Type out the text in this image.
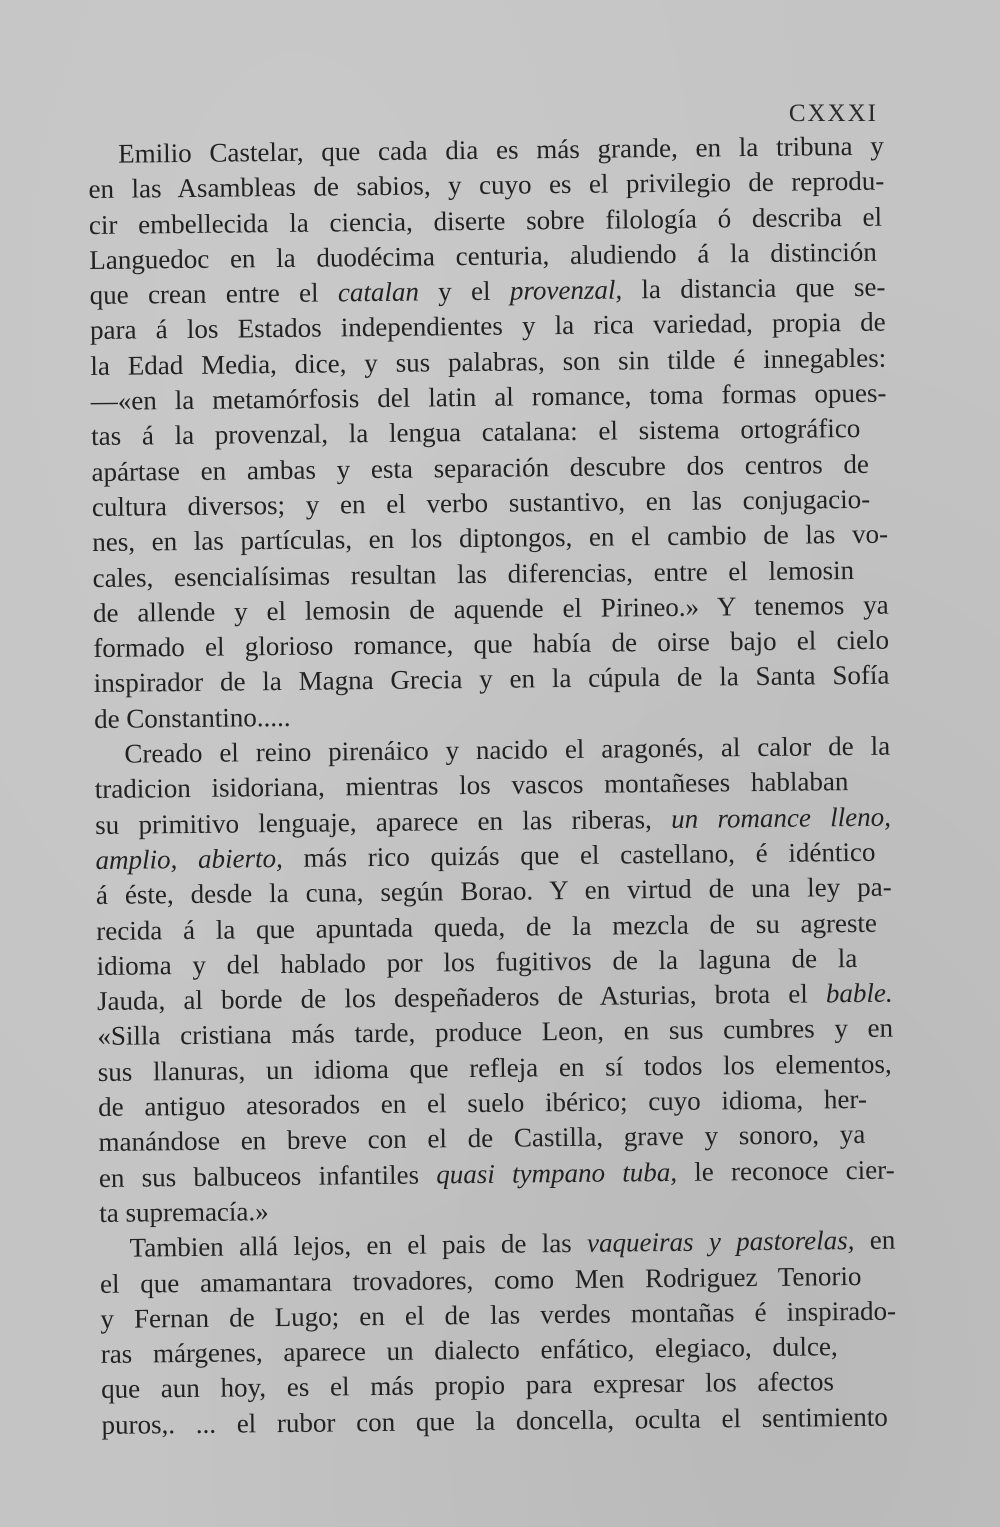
CXXXI
Emilio Castelar, que cada dia es más grande, en la tribuna y
en las Asambleas de sabios, y cuyo es el privilegio de reprodu-
cir embellecida la ciencia, diserte sobre filología ó describa el
Languedoc en la duodécima centuria, aludiendo á la distinción
que crean entre el catalan y el provenzal, la distancia que se-
para á los Estados independientes y la rica variedad, propia de
la Edad Media, dice, y sus palabras, son sin tilde é innegables:
—«en la metamórfosis del latin al romance, toma formas opues-
tas á la provenzal, la lengua catalana: el sistema ortográfico
apártase en ambas y esta separación descubre dos centros de
cultura diversos; y en el verbo sustantivo, en las conjugacio-
nes, en las partículas, en los diptongos, en el cambio de las vo-
cales, esencialísimas resultan las diferencias, entre el lemosin
de allende y el lemosin de aquende el Pirineo.» Y tenemos ya
formado el glorioso romance, que había de oirse bajo el cielo
inspirador de la Magna Grecia y en la cúpula de la Santa Sofía
de Constantino.....
Creado el reino pirenáico y nacido el aragonés, al calor de la
tradicion isidoriana, mientras los vascos montañeses hablaban
su primitivo lenguaje, aparece en las riberas, un romance lleno,
amplio, abierto, más rico quizás que el castellano, é idéntico
á éste, desde la cuna, según Borao. Y en virtud de una ley pa-
recida á la que apuntada queda, de la mezcla de su agreste
idioma y del hablado por los fugitivos de la laguna de la
Jauda, al borde de los despeñaderos de Asturias, brota el bable.
«Silla cristiana más tarde, produce Leon, en sus cumbres y en
sus llanuras, un idioma que refleja en sí todos los elementos,
de antiguo atesorados en el suelo ibérico; cuyo idioma, her-
manándose en breve con el de Castilla, grave y sonoro, ya
en sus balbuceos infantiles quasi tympano tuba, le reconoce cier-
ta supremacía.»
Tambien allá lejos, en el pais de las vaqueiras y pastorelas, en
el que amamantara trovadores, como Men Rodriguez Tenorio
y Fernan de Lugo; en el de las verdes montañas é inspirado-
ras márgenes, aparece un dialecto enfático, elegiaco, dulce,
que aun hoy, es el más propio para expresar los afectos
puros,. ... el rubor con que la doncella, oculta el sentimiento
